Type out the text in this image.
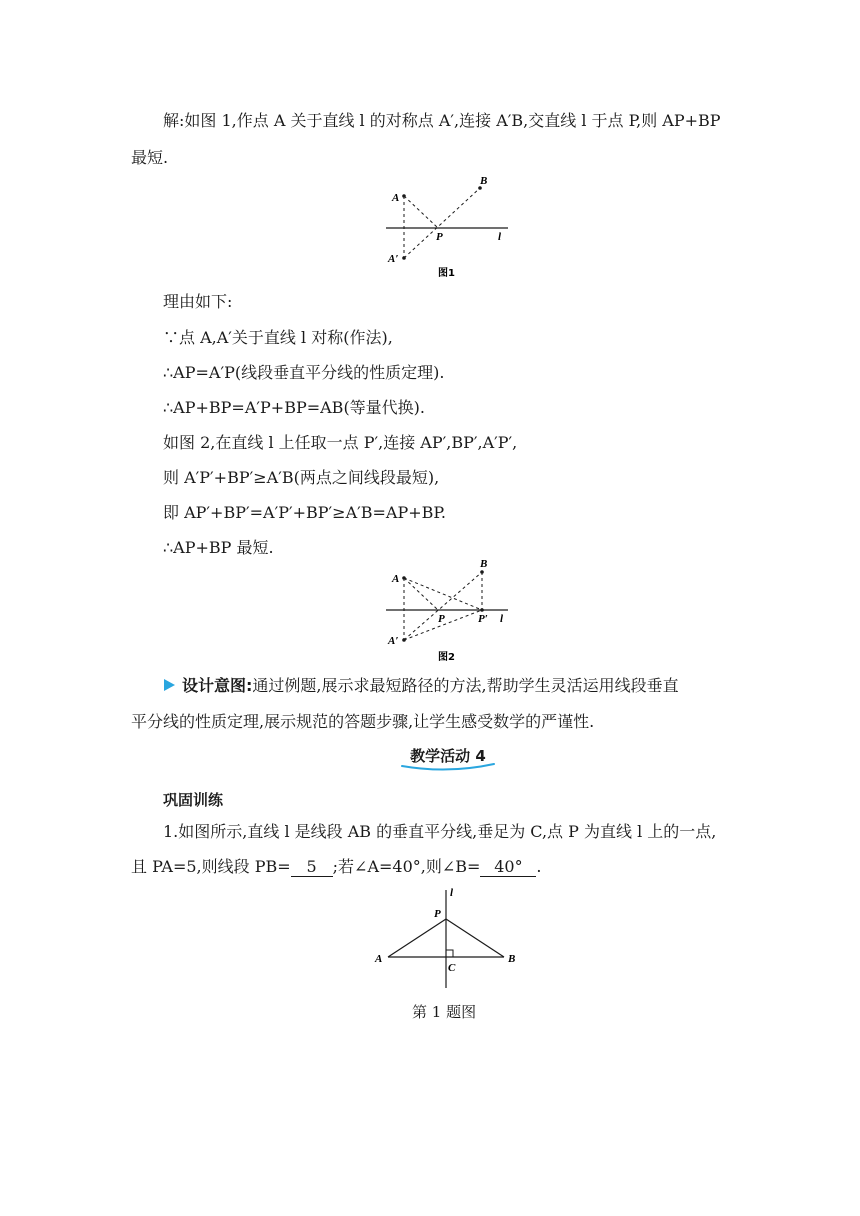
解:如图 1,作点 A 关于直线 l 的对称点 A′,连接 A′B,交直线 l 于点 P,则 AP+BP
最短.
A
B
A′
P	l
图1
理由如下:
∵点 A,A′关于直线 l 对称(作法),
∴AP=A′P(线段垂直平分线的性质定理).
∴AP+BP=A′P+BP=AB(等量代换).
如图 2,在直线 l 上任取一点 P′,连接 AP′,BP′,A′P′,
则 A′P′+BP′≥A′B(两点之间线段最短),
即 AP′+BP′=A′P′+BP′≥A′B=AP+BP.
∴AP+BP 最短.
A
B
A′
P	P′ l
图2
设计意图:通过例题,展示求最短路径的方法,帮助学生灵活运用线段垂直
平分线的性质定理,展示规范的答题步骤,让学生感受数学的严谨性.
教学活动 4
巩固训练
1.如图所示,直线 l 是线段 AB 的垂直平分线,垂足为 C,点 P 为直线 l 上的一点,
且 PA=5,则线段 PB= 5 ;若∠A=40°,则∠B= 40° .
l
P
A	B
C
第 1 题图
